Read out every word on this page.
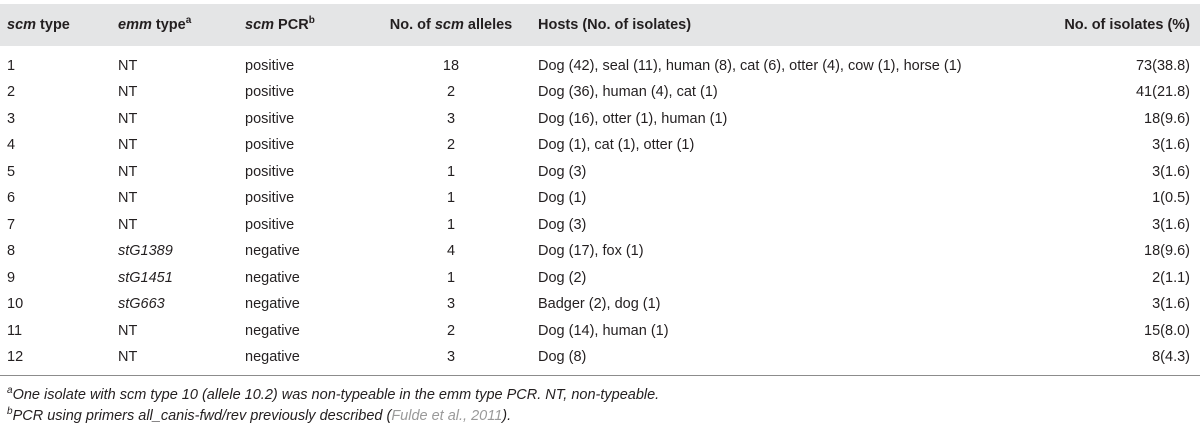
scm type	emm type$^a$	scm PCR$^b$	No. of scm alleles	Hosts (No. of isolates)	No. of isolates (%)
1	NT	positive	18	Dog (42), seal (11), human (8), cat (6), otter (4), cow (1), horse (1)	73(38.8)
2	NT	positive	2	Dog (36), human (4), cat (1)	41(21.8)
3	NT	positive	3	Dog (16), otter (1), human (1)	18(9.6)
4	NT	positive	2	Dog (1), cat (1), otter (1)	3(1.6)
5	NT	positive	1	Dog (3)	3(1.6)
6	NT	positive	1	Dog (1)	1(0.5)
7	NT	positive	1	Dog (3)	3(1.6)
8	stG1389	negative	4	Dog (17), fox (1)	18(9.6)
9	stG1451	negative	1	Dog (2)	2(1.1)
10	stG663	negative	3	Badger (2), dog (1)	3(1.6)
11	NT	negative	2	Dog (14), human (1)	15(8.0)
12	NT	negative	3	Dog (8)	8(4.3)
$^a$One isolate with scm type 10 (allele 10.2) was non-typeable in the emm type PCR. NT, non-typeable.
$^b$PCR using primers all_canis-fwd/rev previously described (Fulde et al., 2011).
